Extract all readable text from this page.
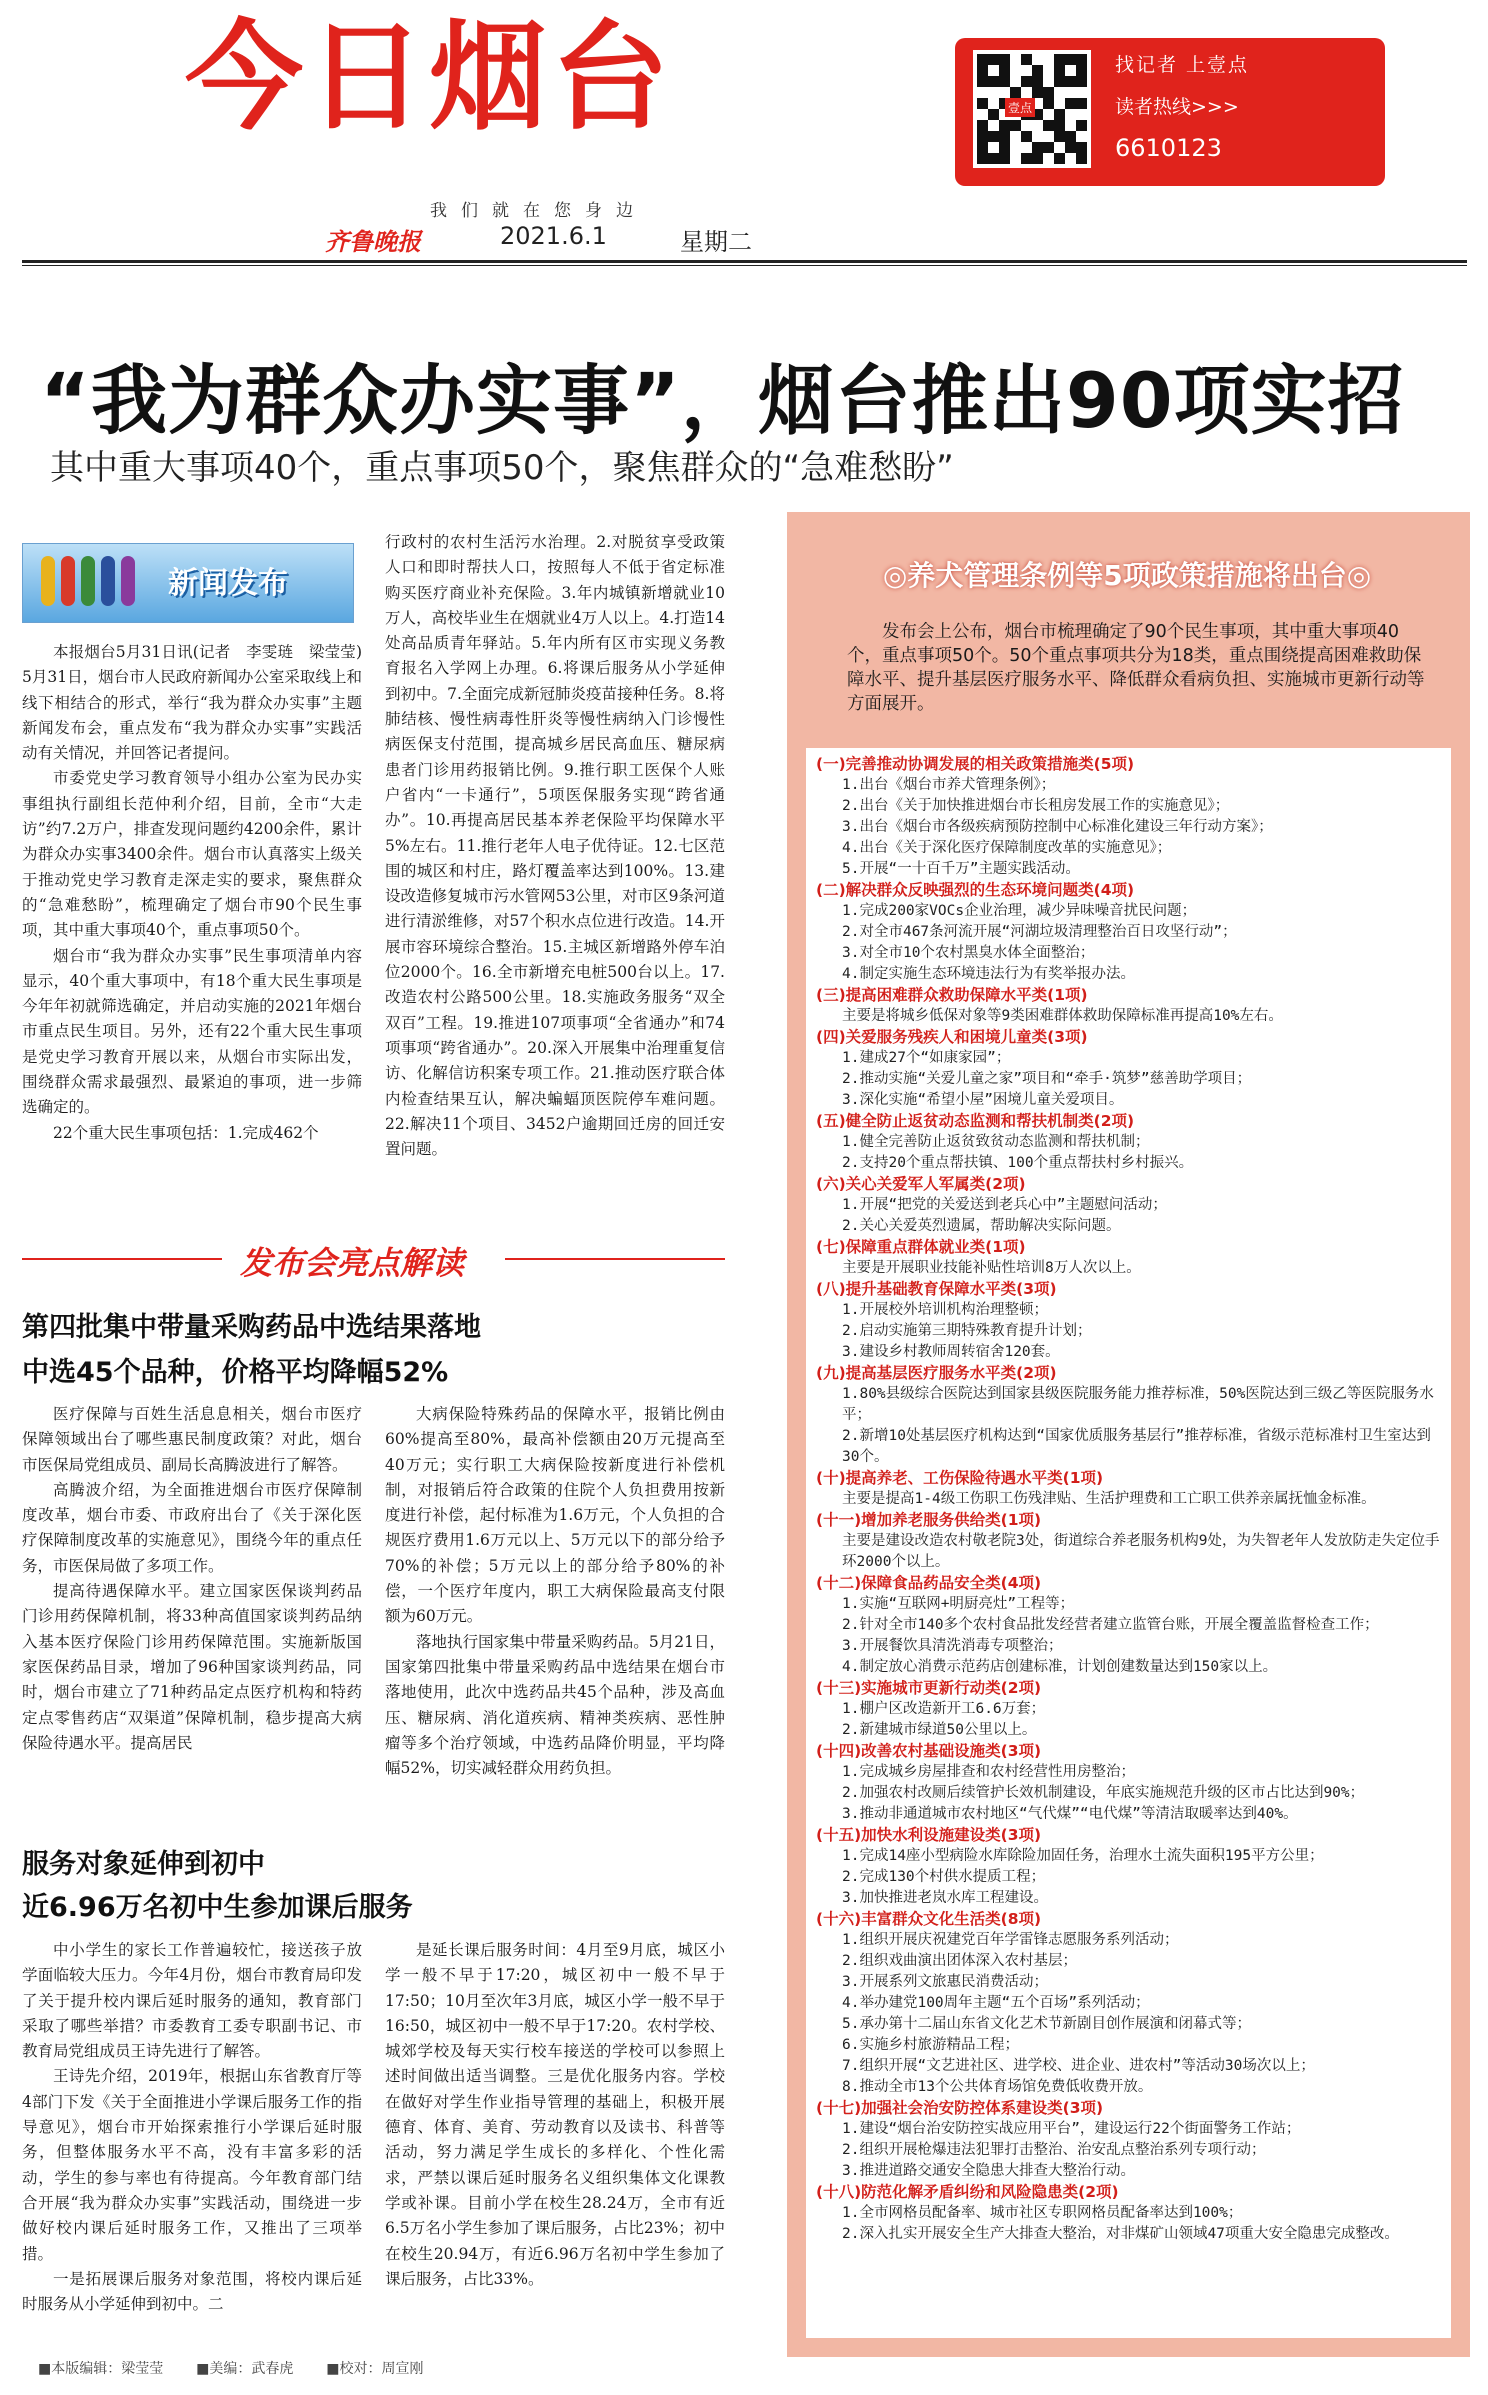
今日烟台	壹点
找记者 上壹点
读者热线>>>
6610123
我们就在您身边
齐鲁晚报	2021.6.1	星期二
“我为群众办实事”，烟台推出90项实招
其中重大事项40个，重点事项50个，聚焦群众的“急难愁盼”
新闻发布

本报烟台5月31日讯(记者　李雯琏　梁莹莹)　5月31日，烟台市人民政府新闻办公室采取线上和线下相结合的形式，举行“我为群众办实事”主题新闻发布会，重点发布“我为群众办实事”实践活动有关情况，并回答记者提问。

市委党史学习教育领导小组办公室为民办实事组执行副组长范仲利介绍，目前，全市“大走访”约7.2万户，排查发现问题约4200余件，累计为群众办实事3400余件。烟台市认真落实上级关于推动党史学习教育走深走实的要求，聚焦群众的“急难愁盼”，梳理确定了烟台市90个民生事项，其中重大事项40个，重点事项50个。

烟台市“我为群众办实事”民生事项清单内容显示，40个重大事项中，有18个重大民生事项是今年年初就筛选确定，并启动实施的2021年烟台市重点民生项目。另外，还有22个重大民生事项是党史学习教育开展以来，从烟台市实际出发，围绕群众需求最强烈、最紧迫的事项，进一步筛选确定的。

22个重大民生事项包括：1.完成462个

行政村的农村生活污水治理。2.对脱贫享受政策人口和即时帮扶人口，按照每人不低于省定标准购买医疗商业补充保险。3.年内城镇新增就业10万人，高校毕业生在烟就业4万人以上。4.打造14处高品质青年驿站。5.年内所有区市实现义务教育报名入学网上办理。6.将课后服务从小学延伸到初中。7.全面完成新冠肺炎疫苗接种任务。8.将肺结核、慢性病毒性肝炎等慢性病纳入门诊慢性病医保支付范围，提高城乡居民高血压、糖尿病患者门诊用药报销比例。9.推行职工医保个人账户省内“一卡通行”，5项医保服务实现“跨省通办”。10.再提高居民基本养老保险平均保障水平5%左右。11.推行老年人电子优待证。12.七区范围的城区和村庄，路灯覆盖率达到100%。13.建设改造修复城市污水管网53公里，对市区9条河道进行清淤维修，对57个积水点位进行改造。14.开展市容环境综合整治。15.主城区新增路外停车泊位2000个。16.全市新增充电桩500台以上。17.改造农村公路500公里。18.实施政务服务“双全双百”工程。19.推进107项事项“全省通办”和74项事项“跨省通办”。20.深入开展集中治理重复信访、化解信访积案专项工作。21.推动医疗联合体内检查结果互认，解决蝙蝠顶医院停车难问题。22.解决11个项目、3452户逾期回迁房的回迁安置问题。
发布会亮点解读
第四批集中带量采购药品中选结果落地
中选45个品种，价格平均降幅52%

医疗保障与百姓生活息息相关，烟台市医疗保障领域出台了哪些惠民制度政策？对此，烟台市医保局党组成员、副局长高腾波进行了解答。

高腾波介绍，为全面推进烟台市医疗保障制度改革，烟台市委、市政府出台了《关于深化医疗保障制度改革的实施意见》，围绕今年的重点任务，市医保局做了多项工作。

提高待遇保障水平。建立国家医保谈判药品门诊用药保障机制，将33种高值国家谈判药品纳入基本医疗保险门诊用药保障范围。实施新版国家医保药品目录，增加了96种国家谈判药品，同时，烟台市建立了71种药品定点医疗机构和特药定点零售药店“双渠道”保障机制，稳步提高大病保险待遇水平。提高居民

大病保险特殊药品的保障水平，报销比例由60%提高至80%，最高补偿额由20万元提高至40万元；实行职工大病保险按新度进行补偿机制，对报销后符合政策的住院个人负担费用按新度进行补偿，起付标准为1.6万元，个人负担的合规医疗费用1.6万元以上、5万元以下的部分给予70%的补偿；5万元以上的部分给予80%的补偿，一个医疗年度内，职工大病保险最高支付限额为60万元。

落地执行国家集中带量采购药品。5月21日，国家第四批集中带量采购药品中选结果在烟台市落地使用，此次中选药品共45个品种，涉及高血压、糖尿病、消化道疾病、精神类疾病、恶性肿瘤等多个治疗领域，中选药品降价明显，平均降幅52%，切实减轻群众用药负担。

服务对象延伸到初中
近6.96万名初中生参加课后服务

中小学生的家长工作普遍较忙，接送孩子放学面临较大压力。今年4月份，烟台市教育局印发了关于提升校内课后延时服务的通知，教育部门采取了哪些举措？市委教育工委专职副书记、市教育局党组成员王诗先进行了解答。

王诗先介绍，2019年，根据山东省教育厅等4部门下发《关于全面推进小学课后服务工作的指导意见》，烟台市开始探索推行小学课后延时服务，但整体服务水平不高，没有丰富多彩的活动，学生的参与率也有待提高。今年教育部门结合开展“我为群众办实事”实践活动，围绕进一步做好校内课后延时服务工作，又推出了三项举措。

一是拓展课后服务对象范围，将校内课后延时服务从小学延伸到初中。二

是延长课后服务时间：4月至9月底，城区小学一般不早于17:20，城区初中一般不早于17:50；10月至次年3月底，城区小学一般不早于16:50，城区初中一般不早于17:20。农村学校、城郊学校及每天实行校车接送的学校可以参照上述时间做出适当调整。三是优化服务内容。学校在做好对学生作业指导管理的基础上，积极开展德育、体育、美育、劳动教育以及读书、科普等活动，努力满足学生成长的多样化、个性化需求，严禁以课后延时服务名义组织集体文化课教学或补课。目前小学在校生28.24万，全市有近6.5万名小学生参加了课后服务，占比23%；初中在校生20.94万，有近6.96万名初中学生参加了课后服务，占比33%。

◎养犬管理条例等5项政策措施将出台◎
发布会上公布，烟台市梳理确定了90个民生事项，其中重大事项40个，重点事项50个。50个重点事项共分为18类，重点围绕提高困难救助保障水平、提升基层医疗服务水平、降低群众看病负担、实施城市更新行动等方面展开。
(一)完善推动协调发展的相关政策措施类(5项)
1.出台《烟台市养犬管理条例》；
2.出台《关于加快推进烟台市长租房发展工作的实施意见》；
3.出台《烟台市各级疾病预防控制中心标准化建设三年行动方案》；
4.出台《关于深化医疗保障制度改革的实施意见》；
5.开展“一十百千万”主题实践活动。
(二)解决群众反映强烈的生态环境问题类(4项)
1.完成200家VOCs企业治理，减少异味噪音扰民问题；
2.对全市467条河流开展“河湖垃圾清理整治百日攻坚行动”；
3.对全市10个农村黑臭水体全面整治；
4.制定实施生态环境违法行为有奖举报办法。
(三)提高困难群众救助保障水平类(1项)
主要是将城乡低保对象等9类困难群体救助保障标准再提高10%左右。
(四)关爱服务残疾人和困境儿童类(3项)
1.建成27个“如康家园”；
2.推动实施“关爱儿童之家”项目和“牵手·筑梦”慈善助学项目；
3.深化实施“希望小屋”困境儿童关爱项目。
(五)健全防止返贫动态监测和帮扶机制类(2项)
1.健全完善防止返贫致贫动态监测和帮扶机制；
2.支持20个重点帮扶镇、100个重点帮扶村乡村振兴。
(六)关心关爱军人军属类(2项)
1.开展“把党的关爱送到老兵心中”主题慰问活动；
2.关心关爱英烈遗属，帮助解决实际问题。
(七)保障重点群体就业类(1项)
主要是开展职业技能补贴性培训8万人次以上。
(八)提升基础教育保障水平类(3项)
1.开展校外培训机构治理整顿；
2.启动实施第三期特殊教育提升计划；
3.建设乡村教师周转宿舍120套。
(九)提高基层医疗服务水平类(2项)
1.80%县级综合医院达到国家县级医院服务能力推荐标准，50%医院达到三级乙等医院服务水平；
2.新增10处基层医疗机构达到“国家优质服务基层行”推荐标准，省级示范标准村卫生室达到30个。
(十)提高养老、工伤保险待遇水平类(1项)
主要是提高1-4级工伤职工伤残津贴、生活护理费和工亡职工供养亲属抚恤金标准。
(十一)增加养老服务供给类(1项)
主要是建设改造农村敬老院3处，街道综合养老服务机构9处，为失智老年人发放防走失定位手环2000个以上。
(十二)保障食品药品安全类(4项)
1.实施“互联网+明厨亮灶”工程等；
2.针对全市140多个农村食品批发经营者建立监管台账，开展全覆盖监督检查工作；
3.开展餐饮具清洗消毒专项整治；
4.制定放心消费示范药店创建标准，计划创建数量达到150家以上。
(十三)实施城市更新行动类(2项)
1.棚户区改造新开工6.6万套；
2.新建城市绿道50公里以上。
(十四)改善农村基础设施类(3项)
1.完成城乡房屋排查和农村经营性用房整治；
2.加强农村改厕后续管护长效机制建设，年底实施规范升级的区市占比达到90%；
3.推动非通道城市农村地区“气代煤”“电代煤”等清洁取暖率达到40%。
(十五)加快水利设施建设类(3项)
1.完成14座小型病险水库除险加固任务，治理水土流失面积195平方公里；
2.完成130个村供水提质工程；
3.加快推进老岚水库工程建设。
(十六)丰富群众文化生活类(8项)
1.组织开展庆祝建党百年学雷锋志愿服务系列活动；
2.组织戏曲演出团体深入农村基层；
3.开展系列文旅惠民消费活动；
4.举办建党100周年主题“五个百场”系列活动；
5.承办第十二届山东省文化艺术节新剧目创作展演和闭幕式等；
6.实施乡村旅游精品工程；
7.组织开展“文艺进社区、进学校、进企业、进农村”等活动30场次以上；
8.推动全市13个公共体育场馆免费低收费开放。
(十七)加强社会治安防控体系建设类(3项)
1.建设“烟台治安防控实战应用平台”，建设运行22个街面警务工作站；
2.组织开展枪爆违法犯罪打击整治、治安乱点整治系列专项行动；
3.推进道路交通安全隐患大排查大整治行动。
(十八)防范化解矛盾纠纷和风险隐患类(2项)
1.全市网格员配备率、城市社区专职网格员配备率达到100%；
2.深入扎实开展安全生产大排查大整治，对非煤矿山领域47项重大安全隐患完成整改。
■本版编辑：梁莹莹 ■美编：武春虎 ■校对：周宣刚
